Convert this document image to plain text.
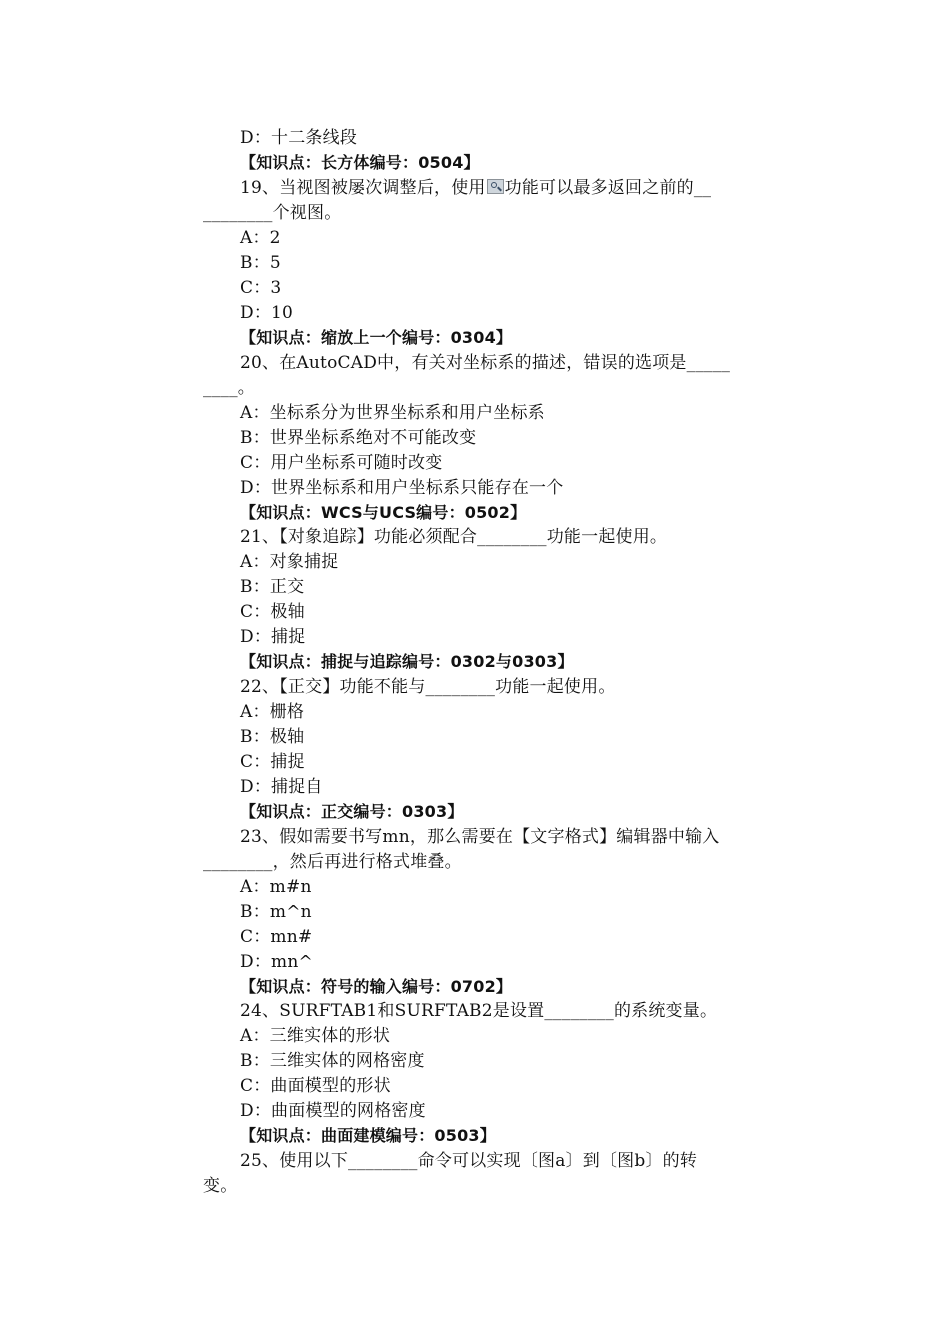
D：十二条线段
【知识点：长方体编号：0504】
19、当视图被屡次调整后，使用 功能可以最多返回之前的__
________个视图。
A：2
B：5
C：3
D：10
【知识点：缩放上一个编号：0304】
20、在AutoCAD中，有关对坐标系的描述，错误的选项是_____
____。
A：坐标系分为世界坐标系和用户坐标系
B：世界坐标系绝对不可能改变
C：用户坐标系可随时改变
D：世界坐标系和用户坐标系只能存在一个
【知识点：WCS与UCS编号：0502】
21、【对象追踪】功能必须配合________功能一起使用。
A：对象捕捉
B：正交
C：极轴
D：捕捉
【知识点：捕捉与追踪编号：0302与0303】
22、【正交】功能不能与________功能一起使用。
A：栅格
B：极轴
C：捕捉
D：捕捉自
【知识点：正交编号：0303】
23、假如需要书写mn，那么需要在【文字格式】编辑器中输入
________，然后再进行格式堆叠。
A：m#n
B：m^n
C：mn#
D：mn^
【知识点：符号的输入编号：0702】
24、SURFTAB1和SURFTAB2是设置________的系统变量。
A：三维实体的形状
B：三维实体的网格密度
C：曲面模型的形状
D：曲面模型的网格密度
【知识点：曲面建模编号：0503】
25、使用以下________命令可以实现〔图a〕到〔图b〕的转
变。
